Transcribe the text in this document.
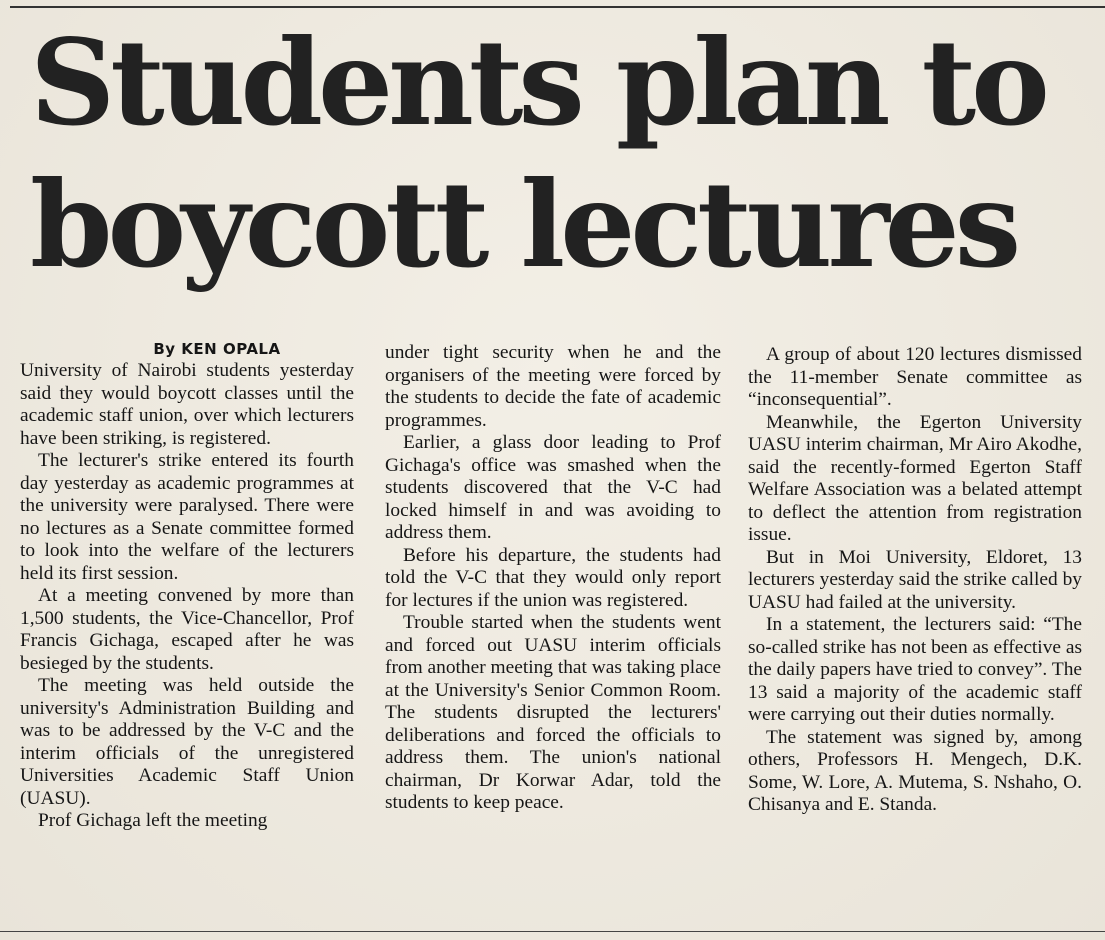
Students plan to
boycott lectures
By KEN OPALA

University of Nairobi students yesterday said they would boycott classes until the academic staff union, over which lecturers have been striking, is registered.

The lecturer's strike entered its fourth day yesterday as academic programmes at the university were paralysed. There were no lectures as a Senate committee formed to look into the welfare of the lecturers held its first session.

At a meeting convened by more than 1,500 students, the Vice-Chancellor, Prof Francis Gichaga, escaped after he was besieged by the students.

The meeting was held outside the university's Administration Building and was to be addressed by the V-C and the interim officials of the unregistered Universities Academic Staff Union (UASU).

Prof Gichaga left the meeting

under tight security when he and the organisers of the meeting were forced by the students to decide the fate of academic programmes.

Earlier, a glass door leading to Prof Gichaga's office was smashed when the students discovered that the V-C had locked himself in and was avoiding to address them.

Before his departure, the students had told the V-C that they would only report for lectures if the union was registered.

Trouble started when the students went and forced out UASU interim officials from another meeting that was taking place at the University's Senior Common Room. The students disrupted the lecturers' deliberations and forced the officials to address them. The union's national chairman, Dr Korwar Adar, told the students to keep peace.

A group of about 120 lectures dismissed the 11-member Senate committee as “inconsequential”.

Meanwhile, the Egerton University UASU interim chairman, Mr Airo Akodhe, said the recently-formed Egerton Staff Welfare Association was a belated attempt to deflect the attention from registration issue.

But in Moi University, Eldoret, 13 lecturers yesterday said the strike called by UASU had failed at the university.

In a statement, the lecturers said: “The so-called strike has not been as effective as the daily papers have tried to convey”. The 13 said a majority of the academic staff were carrying out their duties normally.

The statement was signed by, among others, Professors H. Mengech, D.K. Some, W. Lore, A. Mutema, S. Nshaho, O. Chisanya and E. Standa.
